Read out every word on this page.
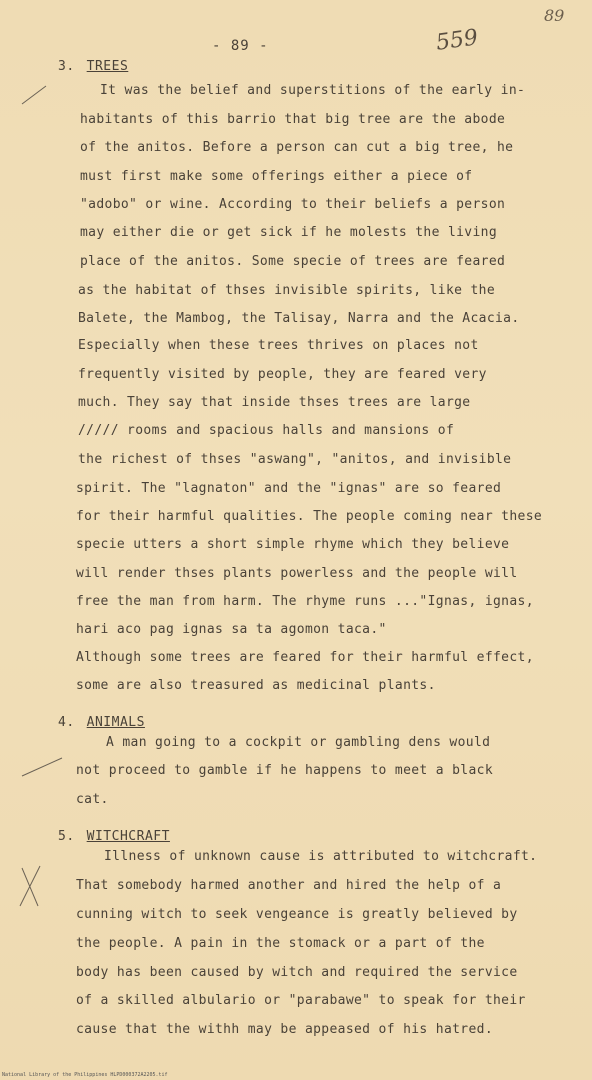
89
559
- 89 -
3. TREES
It was the belief and superstitions of the early in-
habitants of this barrio that big tree are the abode
of the anitos. Before a person can cut a big tree, he
must first make some offerings either a piece of
"adobo" or wine. According to their beliefs a person
may either die or get sick if he molests the living
place of the anitos. Some specie of trees are feared
as the habitat of thses invisible spirits, like the
Balete, the Mambog, the Talisay, Narra and the Acacia.
Especially when these trees thrives on places not
frequently visited by people, they are feared very
much. They say that inside thses trees are large
///// rooms and spacious halls and mansions of
the richest of thses "aswang", "anitos, and invisible
spirit. The "lagnaton" and the "ignas" are so feared
for their harmful qualities. The people coming near these
specie utters a short simple rhyme which they believe
will render thses plants powerless and the people will
free the man from harm. The rhyme runs ..."Ignas, ignas,
hari aco pag ignas sa ta agomon taca."
Although some trees are feared for their harmful effect,
some are also treasured as medicinal plants.
4. ANIMALS
A man going to a cockpit or gambling dens would
not proceed to gamble if he happens to meet a black
cat.
5. WITCHCRAFT
Illness of unknown cause is attributed to witchcraft.
That somebody harmed another and hired the help of a
cunning witch to seek vengeance is greatly believed by
the people. A pain in the stomack or a part of the
body has been caused by witch and required the service
of a skilled albulario or "parabawe" to speak for their
cause that the withh may be appeased of his hatred.
National Library of the Philippines HLPD000372A2205.tif
